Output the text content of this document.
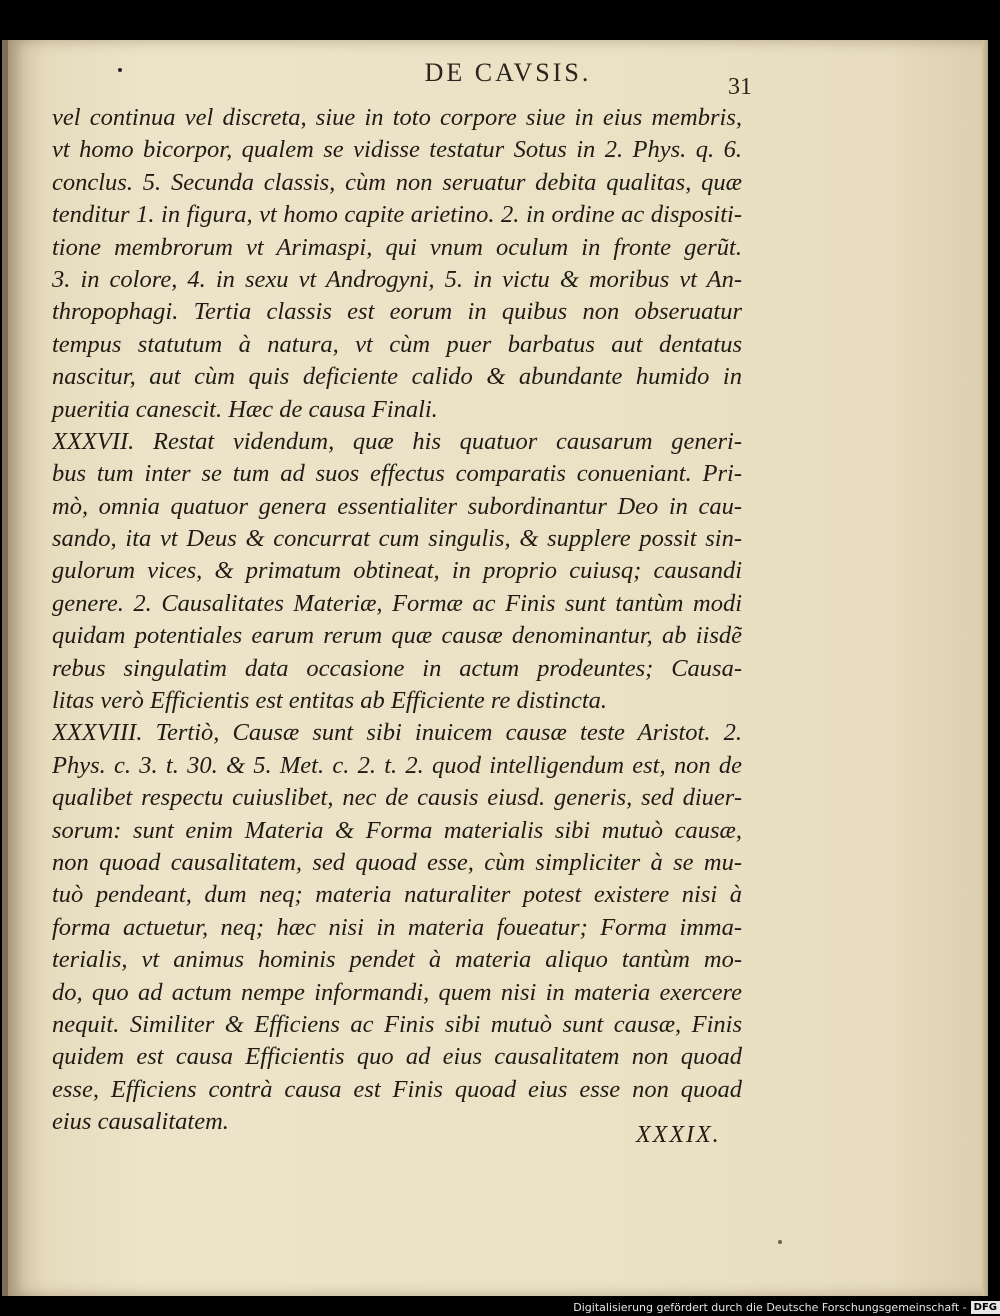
DE CAVSIS.	31
vel continua vel discreta, siue in toto corpore siue in eius membris,
vt homo bicorpor, qualem se vidisse testatur Sotus in 2. Phys. q. 6.
conclus. 5. Secunda classis, cùm non seruatur debita qualitas, quæ
tenditur 1. in figura, vt homo capite arietino. 2. in ordine ac dispositi-
tione membrorum vt Arimaspi, qui vnum oculum in fronte gerũt.
3. in colore, 4. in sexu vt Androgyni, 5. in victu & moribus vt An-
thropophagi. Tertia classis est eorum in quibus non obseruatur
tempus statutum à natura, vt cùm puer barbatus aut dentatus
nascitur, aut cùm quis deficiente calido & abundante humido in
pueritia canescit. Hæc de causa Finali.
XXXVII. Restat videndum, quæ his quatuor causarum generi-
bus tum inter se tum ad suos effectus comparatis conueniant. Pri-
mò, omnia quatuor genera essentialiter subordinantur Deo in cau-
sando, ita vt Deus & concurrat cum singulis, & supplere possit sin-
gulorum vices, & primatum obtineat, in proprio cuiusq; causandi
genere. 2. Causalitates Materiæ, Formæ ac Finis sunt tantùm modi
quidam potentiales earum rerum quæ causæ denominantur, ab iisdẽ
rebus singulatim data occasione in actum prodeuntes; Causa-
litas verò Efficientis est entitas ab Efficiente re distincta.
XXXVIII. Tertiò, Causæ sunt sibi inuicem causæ teste Aristot. 2.
Phys. c. 3. t. 30. & 5. Met. c. 2. t. 2. quod intelligendum est, non de
qualibet respectu cuiuslibet, nec de causis eiusd. generis, sed diuer-
sorum: sunt enim Materia & Forma materialis sibi mutuò causæ,
non quoad causalitatem, sed quoad esse, cùm simpliciter à se mu-
tuò pendeant, dum neq; materia naturaliter potest existere nisi à
forma actuetur, neq; hæc nisi in materia foueatur; Forma imma-
terialis, vt animus hominis pendet à materia aliquo tantùm mo-
do, quo ad actum nempe informandi, quem nisi in materia exercere
nequit. Similiter & Efficiens ac Finis sibi mutuò sunt causæ, Finis
quidem est causa Efficientis quo ad eius causalitatem non quoad
esse, Efficiens contrà causa est Finis quoad eius esse non quoad
eius causalitatem.	XXXIX.
Digitalisierung gefördert durch die Deutsche Forschungsgemeinschaft - DFG
